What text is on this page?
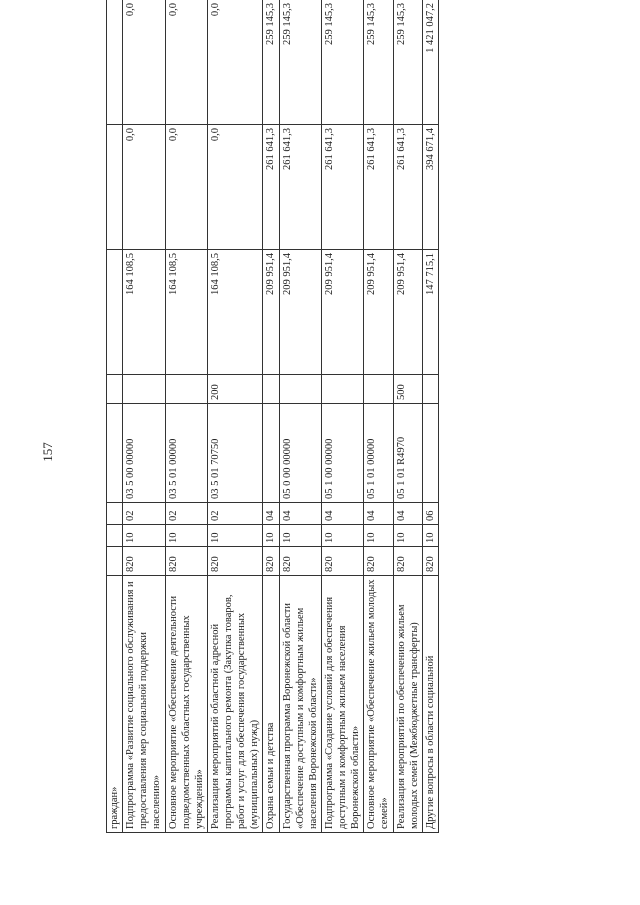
157
граждан»								
Подпрограмма «Развитие социального обслуживания и предоставления мер социальной поддержки населению»	820	10	02	03 5 00 00000		164 108,5	0,0	0,0
Основное мероприятие «Обеспечение деятельности подведомственных областных государственных учреждений»	820	10	02	03 5 01 00000		164 108,5	0,0	0,0
Реализация мероприятий областной адресной программы капитального ремонта (Закупка товаров, работ и услуг для обеспечения государственных (муниципальных) нужд)	820	10	02	03 5 01 70750	200	164 108,5	0,0	0,0
Охрана семьи и детства	820	10	04			209 951,4	261 641,3	259 145,3
Государственная программа Воронежской области «Обеспечение доступным и комфортным жильем населения Воронежской области»	820	10	04	05 0 00 00000		209 951,4	261 641,3	259 145,3
Подпрограмма «Создание условий для обеспечения доступным и комфортным жильем населения Воронежской области»	820	10	04	05 1 00 00000		209 951,4	261 641,3	259 145,3
Основное мероприятие «Обеспечение жильем молодых семей»	820	10	04	05 1 01 00000		209 951,4	261 641,3	259 145,3
Реализация мероприятий по обеспечению жильем молодых семей (Межбюджетные трансферты)	820	10	04	05 1 01 R4970	500	209 951,4	261 641,3	259 145,3
Другие вопросы в области социальной	820	10	06			147 715,1	394 671,4	1 421 047,2
